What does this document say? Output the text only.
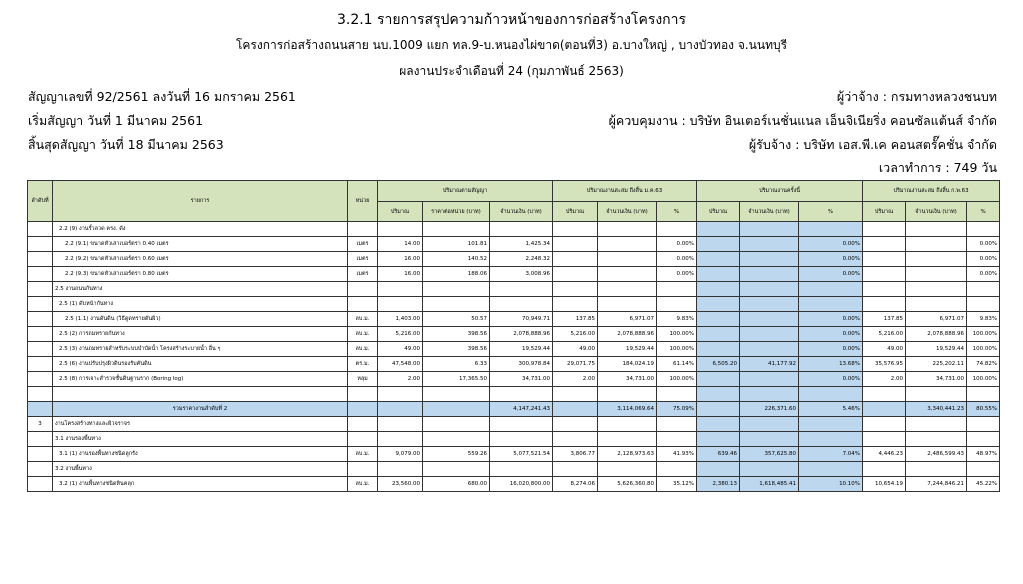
3.2.1 รายการสรุปความก้าวหน้าของการก่อสร้างโครงการ
โครงการก่อสร้างถนนสาย นบ.1009 แยก ทล.9-บ.หนองไผ่ขาด(ตอนที่3) อ.บางใหญ่ , บางบัวทอง จ.นนทบุรี
ผลงานประจำเดือนที่ 24 (กุมภาพันธ์ 2563)
สัญญาเลขที่ 92/2561 ลงวันที่ 16 มกราคม 2561
เริ่มสัญญา วันที่ 1 มีนาคม 2561
สิ้นสุดสัญญา วันที่ 18 มีนาคม 2563
ผู้ว่าจ้าง : กรมทางหลวงชนบท
ผู้ควบคุมงาน : บริษัท อินเตอร์เนชั่นแนล เอ็นจิเนียริ่ง คอนซัลแต้นส์ จำกัด
ผู้รับจ้าง : บริษัท เอส.พี.เค คอนสตรั๊คชั่น จำกัด
เวลาทำการ : 749 วัน
ลำดับที่	รายการ	หน่วย	ปริมาณตามสัญญา			ปริมาณงานสะสม ถึงสิ้น ม.ค.63			ปริมาณงานครั้งนี้			ปริมาณงานสะสม ถึงสิ้น ก.พ.63		
			ปริมาณ	ราคาต่อหน่วย (บาท)	จำนวนเงิน (บาท)	ปริมาณ	จำนวนเงิน (บาท)	%	ปริมาณ	จำนวนเงิน (บาท)	%	ปริมาณ	จำนวนเงิน (บาท)	%
	2.2 (9) งานรั้วลวด ครง. ดัง													
	2.2 (9.1) ขนาดหัวเสาเบอร์ตรา 0.40 เมตร	เมตร	14.00	101.81	1,425.34			0.00%			0.00%			0.00%
	2.2 (9.2) ขนาดหัวเสาเบอร์ตรา 0.60 เมตร	เมตร	16.00	140.52	2,248.32			0.00%			0.00%			0.00%
	2.2 (9.3) ขนาดหัวเสาเบอร์ตรา 0.80 เมตร	เมตร	16.00	188.06	3,008.96			0.00%			0.00%			0.00%
	2.5 งานถนนกันทาง													
	2.5 (1) ดับหน้ากันทาง													
	2.5 (1.1) งานดันดิน (วิธีดูดทรายดันผิว)	ลบ.ม.	1,403.00	50.57	70,949.71	137.85	6,971.07	9.83%			0.00%	137.85	6,971.07	9.83%
	2.5 (2) การถมทรายกันทาง	ลบ.ม.	5,216.00	398.56	2,078,888.96	5,216.00	2,078,888.96	100.00%			0.00%	5,216.00	2,078,888.96	100.00%
	2.5 (3) งานถมทรายสำหรับระบบบำบัดน้ำ โครงสร้างระบายน้ำ อื่น ๆ	ลบ.ม.	49.00	398.56	19,529.44	49.00	19,529.44	100.00%			0.00%	49.00	19,529.44	100.00%
	2.5 (6) งานปรับปรุงผิวดินรองรับคันดิน	ตร.ม.	47,548.00	6.33	300,978.84	29,071.75	184,024.19	61.14%	6,505.20	41,177.92	13.68%	35,576.95	225,202.11	74.82%
	2.5 (8) การเจาะสำรวจชั้นดินฐานราก (Boring log)	หลุม	2.00	17,365.50	34,731.00	2.00	34,731.00	100.00%			0.00%	2.00	34,731.00	100.00%

	รวมราคางานลำดับที่ 2				4,147,241.43		3,114,069.64	75.09%		226,371.60	5.46%		3,340,441.23	80.55%
3	งานโครงสร้างทางและผิวจราจร													
	3.1 งานรองพื้นทาง													
	3.1 (1) งานรองพื้นทางชนิดลูกรัง	ลบ.ม.	9,079.00	559.26	5,077,521.54	3,806.77	2,128,973.63	41.93%	639.46	357,625.80	7.04%	4,446.23	2,486,599.43	48.97%
	3.2 งานพื้นทาง													
	3.2 (1) งานพื้นทางชนิดหินคลุก	ลบ.ม.	23,560.00	680.00	16,020,800.00	8,274.06	5,626,360.80	35.12%	2,380.13	1,618,485.41	10.10%	10,654.19	7,244,846.21	45.22%
